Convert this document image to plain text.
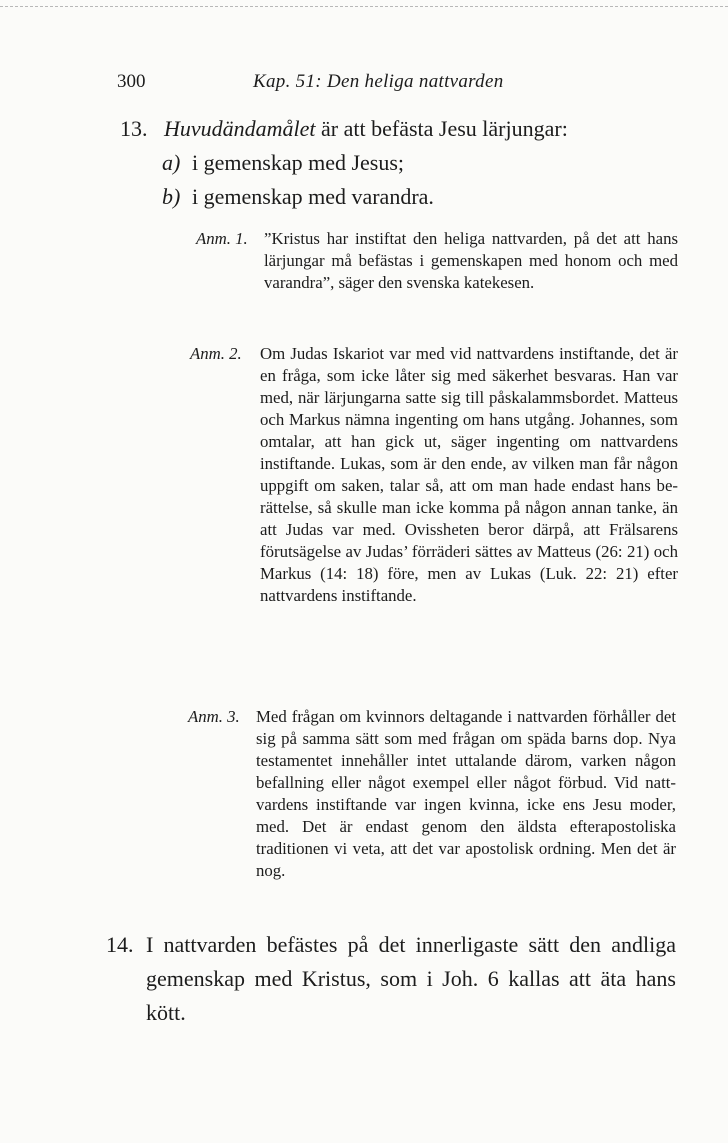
300	Kap. 51: Den heliga nattvarden
13. Huvudändamålet är att befästa Jesu lärjungar:
a) i gemenskap med Jesus;
b) i gemenskap med varandra.
Anm. 1. ”Kristus har instiftat den heliga nattvarden, på det att hans lärjungar må befästas i gemenskapen med honom och med varandra”, säger den svenska katekesen.
Anm. 2. Om Judas Iskariot var med vid nattvardens instiftande, det är en fråga, som icke låter sig med säkerhet besvaras. Han var med, när lärjungarna satte sig till påskalammsbordet. Matteus och Markus nämna ingenting om hans utgång. Johannes, som omtalar, att han gick ut, säger ingenting om nattvardens instiftande. Lukas, som är den ende, av vilken man får någon uppgift om saken, talar så, att om man hade endast hans berättelse, så skulle man icke komma på någon annan tanke, än att Judas var med. Ovissheten beror därpå, att Frälsarens förutsägelse av Judas’ förräderi sättes av Matteus (26: 21) och Markus (14: 18) före, men av Lukas (Luk. 22: 21) efter nattvardens instiftande.
Anm. 3. Med frågan om kvinnors deltagande i nattvarden förhåller det sig på samma sätt som med frågan om späda barns dop. Nya testamentet innehåller intet uttalande därom, varken någon befallning eller något exempel eller något förbud. Vid nattvardens instiftande var ingen kvinna, icke ens Jesu moder, med. Det är endast genom den äldsta efterapostoliska traditionen vi veta, att det var apostolisk ordning. Men det är nog.
14. I nattvarden befästes på det innerligaste sätt den andliga gemenskap med Kristus, som i Joh. 6 kallas att äta hans kött.
